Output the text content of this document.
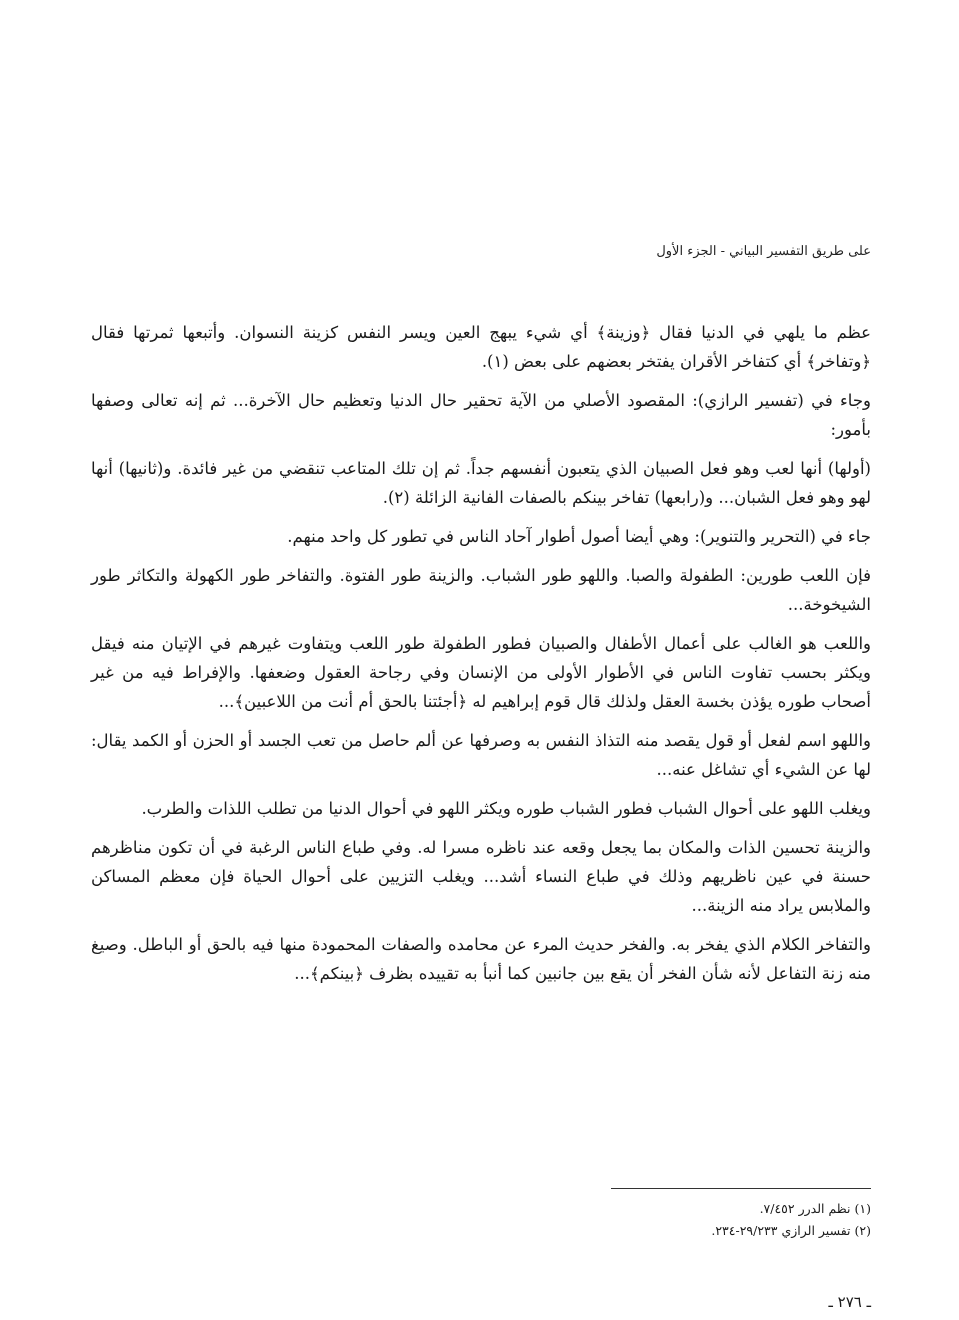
على طريق التفسير البياني - الجزء الأول

عظم ما يلهي في الدنيا فقال ﴿وزينة﴾ أي شيء يبهج العين ويسر النفس كزينة النسوان. وأتبعها ثمرتها فقال ﴿وتفاخر﴾ أي كتفاخر الأقران يفتخر بعضهم على بعض (١).

وجاء في (تفسير الرازي): المقصود الأصلي من الآية تحقير حال الدنيا وتعظيم حال الآخرة... ثم إنه تعالى وصفها بأمور:

(أولها) أنها لعب وهو فعل الصبيان الذي يتعبون أنفسهم جداً. ثم إن تلك المتاعب تنقضي من غير فائدة. و(ثانيها) أنها لهو وهو فعل الشبان... و(رابعها) تفاخر بينكم بالصفات الفانية الزائلة (٢).

جاء في (التحرير والتنوير): وهي أيضا أصول أطوار آحاد الناس في تطور كل واحد منهم.

فإن اللعب طورين: الطفولة والصبا. واللهو طور الشباب. والزينة طور الفتوة. والتفاخر طور الكهولة والتكاثر طور الشيخوخة...

واللعب هو الغالب على أعمال الأطفال والصبيان فطور الطفولة طور اللعب ويتفاوت غيرهم في الإتيان منه فيقل ويكثر بحسب تفاوت الناس في الأطوار الأولى من الإنسان وفي رجاحة العقول وضعفها. والإفراط فيه من غير أصحاب طوره يؤذن بخسة العقل ولذلك قال قوم إبراهيم له ﴿أجئتنا بالحق أم أنت من اللاعبين﴾...

واللهو اسم لفعل أو قول يقصد منه التذاذ النفس به وصرفها عن ألم حاصل من تعب الجسد أو الحزن أو الكمد يقال: لها عن الشيء أي تشاغل عنه...

ويغلب اللهو على أحوال الشباب فطور الشباب طوره ويكثر اللهو في أحوال الدنيا من تطلب اللذات والطرب.

والزينة تحسين الذات والمكان بما يجعل وقعه عند ناظره مسرا له. وفي طباع الناس الرغبة في أن تكون مناظرهم حسنة في عين ناظريهم وذلك في طباع النساء أشد... ويغلب التزيين على أحوال الحياة فإن معظم المساكن والملابس يراد منه الزينة...

والتفاخر الكلام الذي يفخر به. والفخر حديث المرء عن محامده والصفات المحمودة منها فيه بالحق أو الباطل. وصيغ منه زنة التفاعل لأنه شأن الفخر أن يقع بين جانبين كما أنبأ به تقييده بظرف ﴿بينكم﴾...

(١) نظم الدرر ٧/٤٥٢.
(٢) تفسير الرازي ٢٩/٢٣٣-٢٣٤.
ـ ٢٧٦ ـ
